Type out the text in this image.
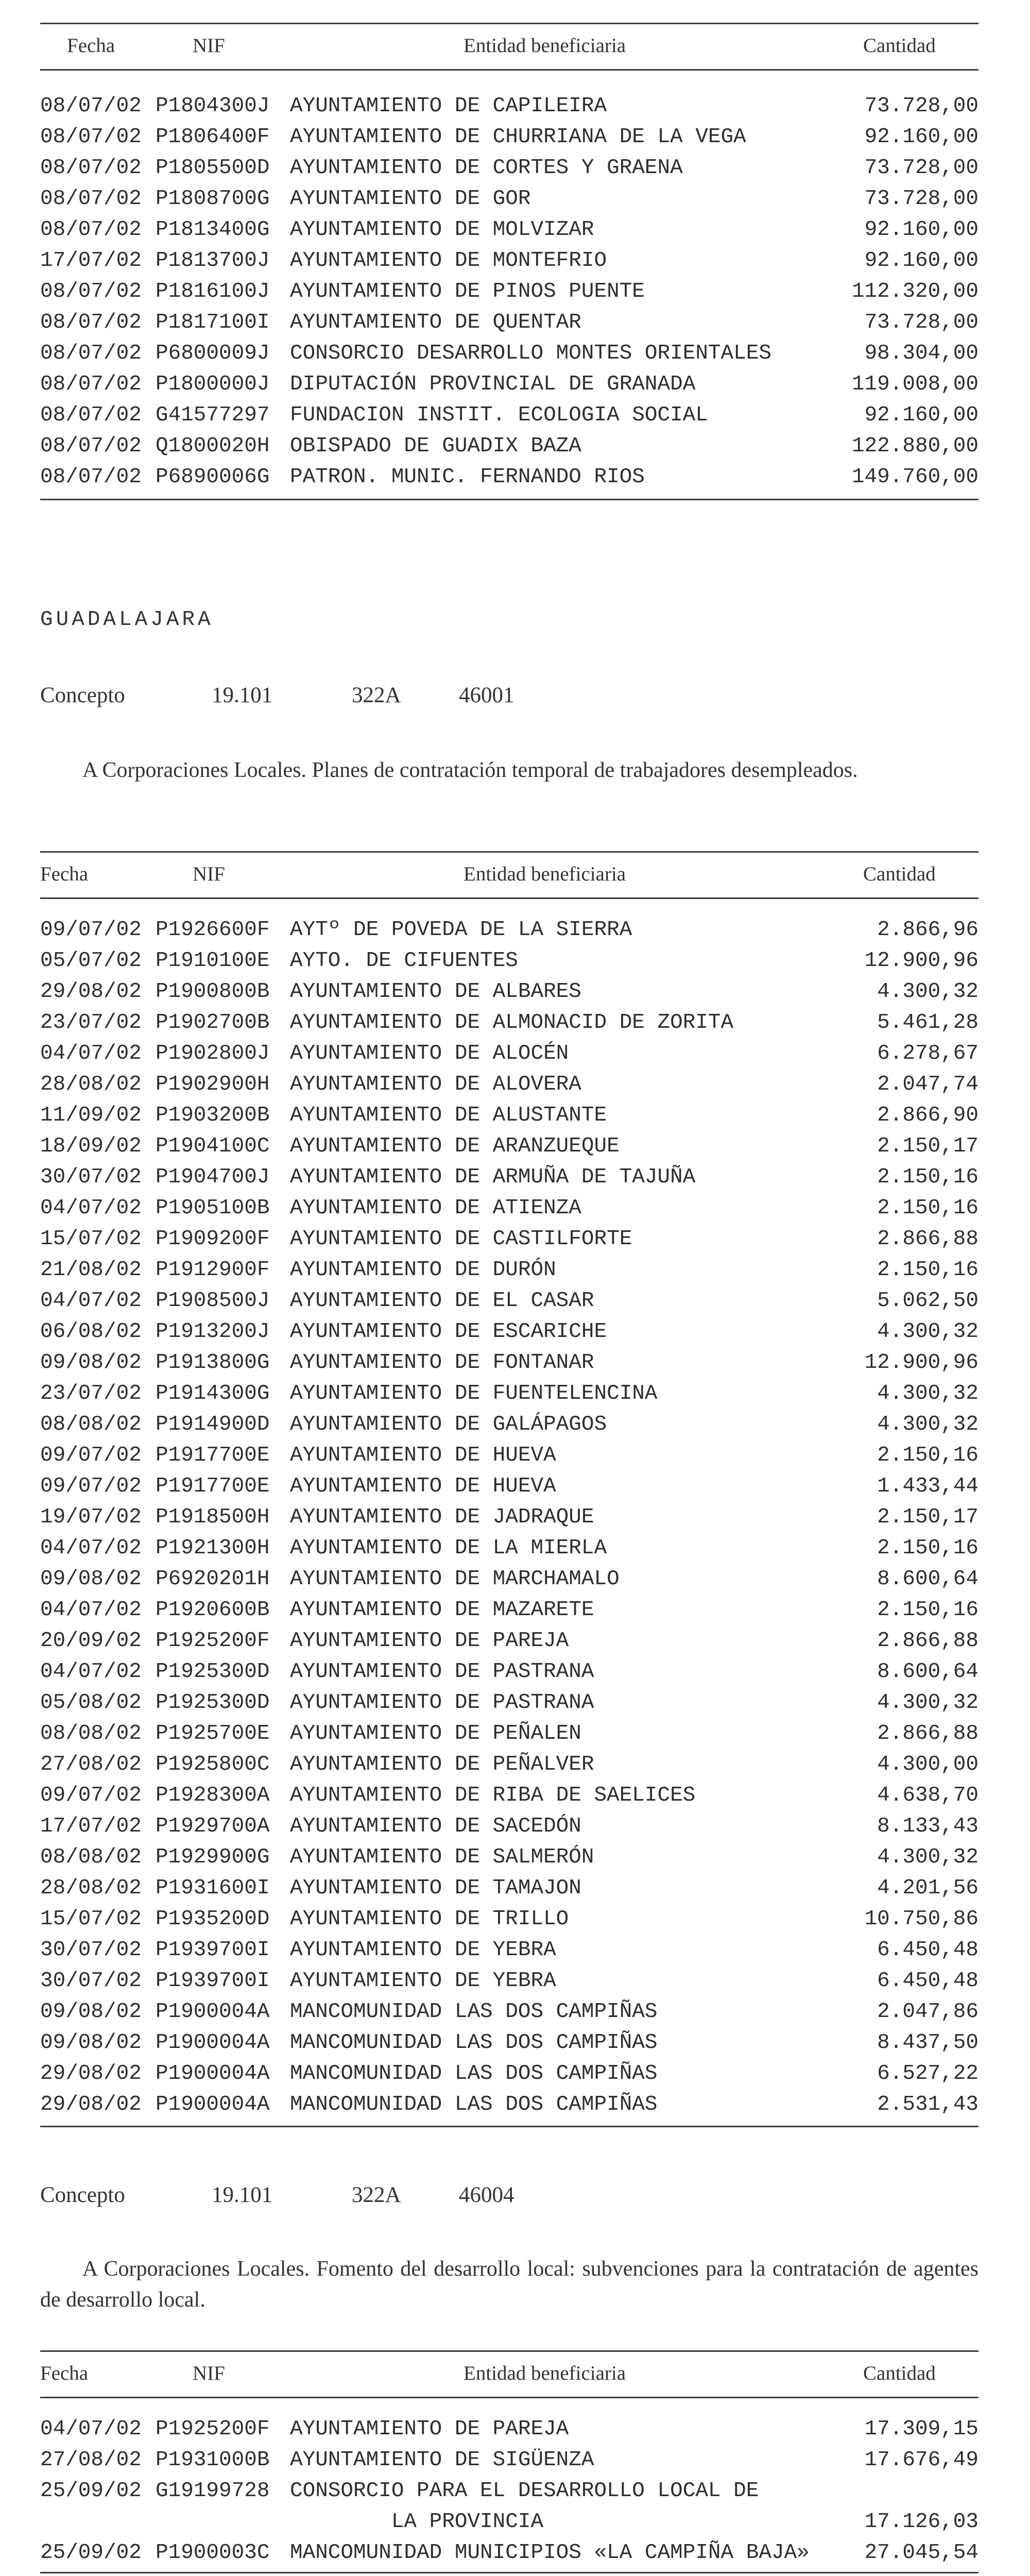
Fecha	NIF	Entidad beneficiaria	Cantidad
08/07/02 P1804300J AYUNTAMIENTO DE CAPILEIRA	73.728,00
08/07/02 P1806400F AYUNTAMIENTO DE CHURRIANA DE LA VEGA	92.160,00
08/07/02 P1805500D AYUNTAMIENTO DE CORTES Y GRAENA	73.728,00
08/07/02 P1808700G AYUNTAMIENTO DE GOR	73.728,00
08/07/02 P1813400G AYUNTAMIENTO DE MOLVIZAR	92.160,00
17/07/02 P1813700J AYUNTAMIENTO DE MONTEFRIO	92.160,00
08/07/02 P1816100J AYUNTAMIENTO DE PINOS PUENTE	112.320,00
08/07/02 P1817100I AYUNTAMIENTO DE QUENTAR	73.728,00
08/07/02 P6800009J CONSORCIO DESARROLLO MONTES ORIENTALES	98.304,00
08/07/02 P1800000J DIPUTACIÓN PROVINCIAL DE GRANADA	119.008,00
08/07/02 G41577297 FUNDACION INSTIT. ECOLOGIA SOCIAL	92.160,00
08/07/02 Q1800020H OBISPADO DE GUADIX BAZA	122.880,00
08/07/02 P6890006G PATRON. MUNIC. FERNANDO RIOS	149.760,00
GUADALAJARA
Concepto	19.101	322A	46001
A Corporaciones Locales. Planes de contratación temporal de trabajadores desempleados.
Fecha	NIF	Entidad beneficiaria	Cantidad
09/07/02 P1926600F AYTº DE POVEDA DE LA SIERRA	2.866,96
05/07/02 P1910100E AYTO. DE CIFUENTES	12.900,96
29/08/02 P1900800B AYUNTAMIENTO DE ALBARES	4.300,32
23/07/02 P1902700B AYUNTAMIENTO DE ALMONACID DE ZORITA	5.461,28
04/07/02 P1902800J AYUNTAMIENTO DE ALOCÉN	6.278,67
28/08/02 P1902900H AYUNTAMIENTO DE ALOVERA	2.047,74
11/09/02 P1903200B AYUNTAMIENTO DE ALUSTANTE	2.866,90
18/09/02 P1904100C AYUNTAMIENTO DE ARANZUEQUE	2.150,17
30/07/02 P1904700J AYUNTAMIENTO DE ARMUÑA DE TAJUÑA	2.150,16
04/07/02 P1905100B AYUNTAMIENTO DE ATIENZA	2.150,16
15/07/02 P1909200F AYUNTAMIENTO DE CASTILFORTE	2.866,88
21/08/02 P1912900F AYUNTAMIENTO DE DURÓN	2.150,16
04/07/02 P1908500J AYUNTAMIENTO DE EL CASAR	5.062,50
06/08/02 P1913200J AYUNTAMIENTO DE ESCARICHE	4.300,32
09/08/02 P1913800G AYUNTAMIENTO DE FONTANAR	12.900,96
23/07/02 P1914300G AYUNTAMIENTO DE FUENTELENCINA	4.300,32
08/08/02 P1914900D AYUNTAMIENTO DE GALÁPAGOS	4.300,32
09/07/02 P1917700E AYUNTAMIENTO DE HUEVA	2.150,16
09/07/02 P1917700E AYUNTAMIENTO DE HUEVA	1.433,44
19/07/02 P1918500H AYUNTAMIENTO DE JADRAQUE	2.150,17
04/07/02 P1921300H AYUNTAMIENTO DE LA MIERLA	2.150,16
09/08/02 P6920201H AYUNTAMIENTO DE MARCHAMALO	8.600,64
04/07/02 P1920600B AYUNTAMIENTO DE MAZARETE	2.150,16
20/09/02 P1925200F AYUNTAMIENTO DE PAREJA	2.866,88
04/07/02 P1925300D AYUNTAMIENTO DE PASTRANA	8.600,64
05/08/02 P1925300D AYUNTAMIENTO DE PASTRANA	4.300,32
08/08/02 P1925700E AYUNTAMIENTO DE PEÑALEN	2.866,88
27/08/02 P1925800C AYUNTAMIENTO DE PEÑALVER	4.300,00
09/07/02 P1928300A AYUNTAMIENTO DE RIBA DE SAELICES	4.638,70
17/07/02 P1929700A AYUNTAMIENTO DE SACEDÓN	8.133,43
08/08/02 P1929900G AYUNTAMIENTO DE SALMERÓN	4.300,32
28/08/02 P1931600I AYUNTAMIENTO DE TAMAJON	4.201,56
15/07/02 P1935200D AYUNTAMIENTO DE TRILLO	10.750,86
30/07/02 P1939700I AYUNTAMIENTO DE YEBRA	6.450,48
30/07/02 P1939700I AYUNTAMIENTO DE YEBRA	6.450,48
09/08/02 P1900004A MANCOMUNIDAD LAS DOS CAMPIÑAS	2.047,86
09/08/02 P1900004A MANCOMUNIDAD LAS DOS CAMPIÑAS	8.437,50
29/08/02 P1900004A MANCOMUNIDAD LAS DOS CAMPIÑAS	6.527,22
29/08/02 P1900004A MANCOMUNIDAD LAS DOS CAMPIÑAS	2.531,43
Concepto	19.101	322A	46004
A Corporaciones Locales. Fomento del desarrollo local: subvenciones para la contratación de agentes de desarrollo local.
Fecha	NIF	Entidad beneficiaria	Cantidad
04/07/02 P1925200F AYUNTAMIENTO DE PAREJA	17.309,15
27/08/02 P1931000B AYUNTAMIENTO DE SIGÜENZA	17.676,49
25/09/02 G19199728 CONSORCIO PARA EL DESARROLLO LOCAL DE
LA PROVINCIA	17.126,03
25/09/02 P1900003C MANCOMUNIDAD MUNICIPIOS «LA CAMPIÑA BAJA»	27.045,54
